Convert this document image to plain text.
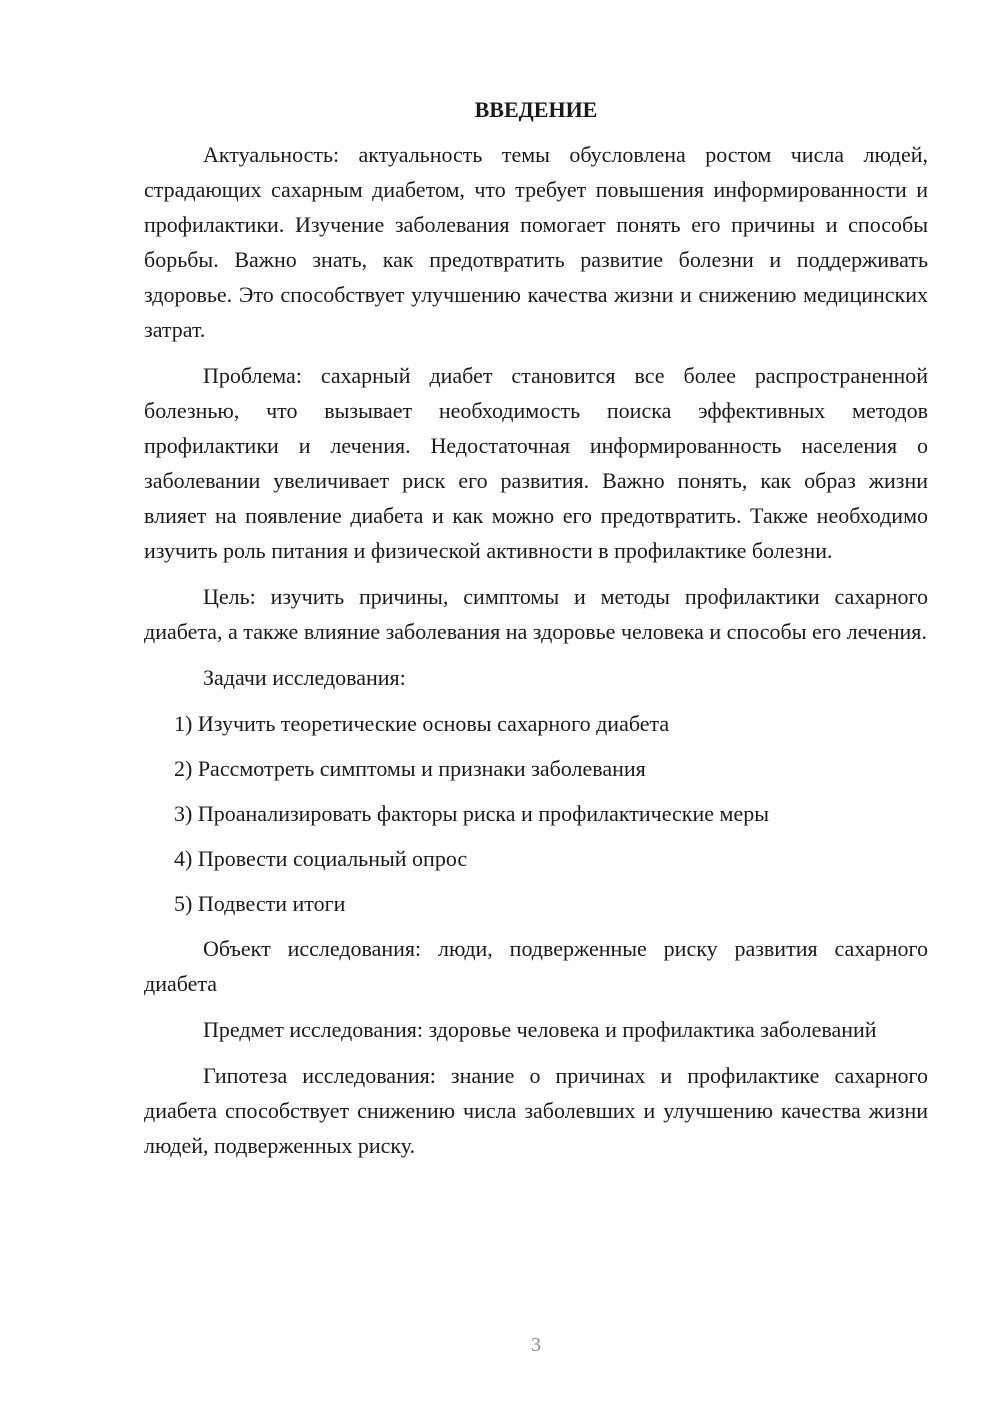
ВВЕДЕНИЕ

Актуальность: актуальность темы обусловлена ростом числа людей, страдающих сахарным диабетом, что требует повышения информированности и профилактики. Изучение заболевания помогает понять его причины и способы борьбы. Важно знать, как предотвратить развитие болезни и поддерживать здоровье. Это способствует улучшению качества жизни и снижению медицинских затрат.

Проблема: сахарный диабет становится все более распространенной болезнью, что вызывает необходимость поиска эффективных методов профилактики и лечения. Недостаточная информированность населения о заболевании увеличивает риск его развития. Важно понять, как образ жизни влияет на появление диабета и как можно его предотвратить. Также необходимо изучить роль питания и физической активности в профилактике болезни.

Цель: изучить причины, симптомы и методы профилактики сахарного диабета, а также влияние заболевания на здоровье человека и способы его лечения.

Задачи исследования:

1) Изучить теоретические основы сахарного диабета
2) Рассмотреть симптомы и признаки заболевания
3) Проанализировать факторы риска и профилактические меры
4) Провести социальный опрос
5) Подвести итоги

Объект исследования: люди, подверженные риску развития сахарного диабета

Предмет исследования: здоровье человека и профилактика заболеваний

Гипотеза исследования: знание о причинах и профилактике сахарного диабета способствует снижению числа заболевших и улучшению качества жизни людей, подверженных риску.

3
